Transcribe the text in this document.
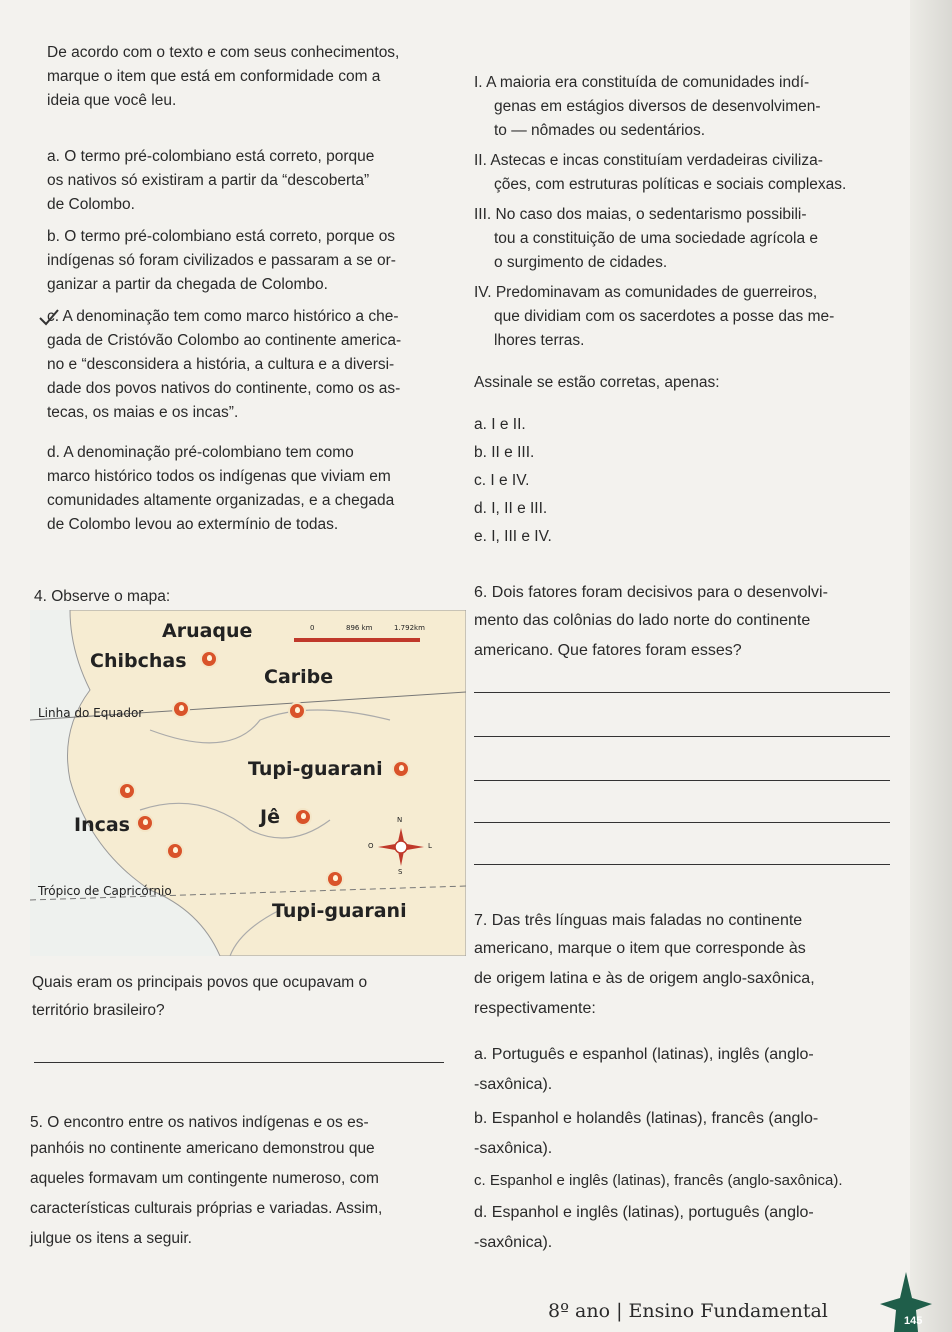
De acordo com o texto e com seus conhecimentos,
marque o item que está em conformidade com a
ideia que você leu.
a. O termo pré-colombiano está correto, porque
os nativos só existiram a partir da “descoberta”
de Colombo.
b. O termo pré-colombiano está correto, porque os
indígenas só foram civilizados e passaram a se or-
ganizar a partir da chegada de Colombo.
c. A denominação tem como marco histórico a che-
gada de Cristóvão Colombo ao continente america-
no e “desconsidera a história, a cultura e a diversi-
dade dos povos nativos do continente, como os as-
tecas, os maias e os incas”.
d. A denominação pré-colombiano tem como
marco histórico todos os indígenas que viviam em
comunidades altamente organizadas, e a chegada
de Colombo levou ao extermínio de todas.
I. A maioria era constituída de comunidades indí-
genas em estágios diversos de desenvolvimen-
to — nômades ou sedentários.
II. Astecas e incas constituíam verdadeiras civiliza-
ções, com estruturas políticas e sociais complexas.
III. No caso dos maias, o sedentarismo possibili-
tou a constituição de uma sociedade agrícola e
o surgimento de cidades.
IV. Predominavam as comunidades de guerreiros,
que dividiam com os sacerdotes a posse das me-
lhores terras.
Assinale se estão corretas, apenas:
a. I e II.
b. II e III.
c. I e IV.
d. I, II e III.
e. I, III e IV.
4. Observe o mapa:
Aruaque
Chibchas
Caribe
Linha do Equador
Tupi-guarani
Incas	Jê
Trópico de Capricórnio
Tupi-guarani
0	896 km	1.792km
N
O	L
S
Quais eram os principais povos que ocupavam o
território brasileiro?
5. O encontro entre os nativos indígenas e os es-
panhóis no continente americano demonstrou que
aqueles formavam um contingente numeroso, com
características culturais próprias e variadas. Assim,
julgue os itens a seguir.
6. Dois fatores foram decisivos para o desenvolvi-
mento das colônias do lado norte do continente
americano. Que fatores foram esses?
7. Das três línguas mais faladas no continente
americano, marque o item que corresponde às
de origem latina e às de origem anglo-saxônica,
respectivamente:
a. Português e espanhol (latinas), inglês (anglo-
-saxônica).
b. Espanhol e holandês (latinas), francês (anglo-
-saxônica).
c. Espanhol e inglês (latinas), francês (anglo-saxônica).
d. Espanhol e inglês (latinas), português (anglo-
-saxônica).
8º ano | Ensino Fundamental	145
